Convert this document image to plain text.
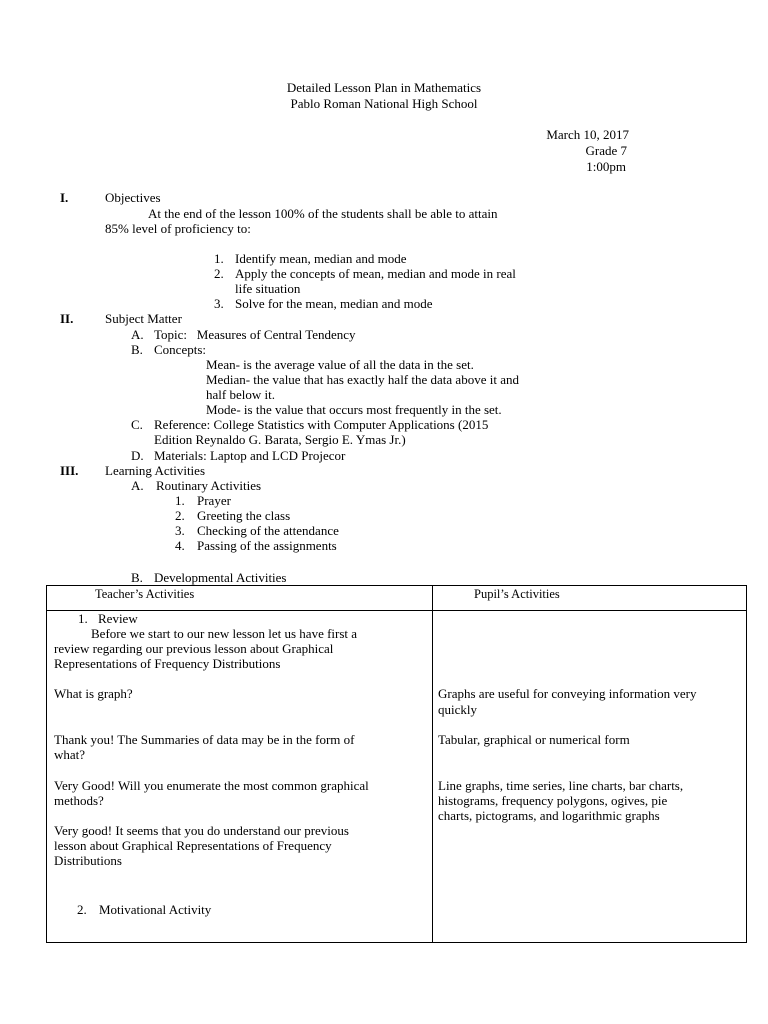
Detailed Lesson Plan in Mathematics
Pablo Roman National High School
March 10, 2017
Grade 7
1:00pm
I.	Objectives
At the end of the lesson 100% of the students shall be able to attain
85% level of proficiency to:
1. Identify mean, median and mode
2. Apply the concepts of mean, median and mode in real
life situation
3. Solve for the mean, median and mode
II. Subject Matter
A. Topic:   Measures of Central Tendency
B. Concepts:
Mean- is the average value of all the data in the set.
Median- the value that has exactly half the data above it and
half below it.
Mode- is the value that occurs most frequently in the set.
C. Reference: College Statistics with Computer Applications (2015
Edition Reynaldo G. Barata, Sergio E. Ymas Jr.)
D. Materials: Laptop and LCD Projecor
III. Learning Activities
A. Routinary Activities
1. Prayer
2. Greeting the class
3. Checking of the attendance
4. Passing of the assignments
B. Developmental Activities
Teacher’s Activities	Pupil’s Activities
1. Review
Before we start to our new lesson let us have first a
review regarding our previous lesson about Graphical
Representations of Frequency Distributions
What is graph?
Thank you! The Summaries of data may be in the form of
what?
Very Good! Will you enumerate the most common graphical
methods?
Very good! It seems that you do understand our previous
lesson about Graphical Representations of Frequency
Distributions
2. Motivational Activity
Graphs are useful for conveying information very
quickly
Tabular, graphical or numerical form
Line graphs, time series, line charts, bar charts,
histograms, frequency polygons, ogives, pie
charts, pictograms, and logarithmic graphs
